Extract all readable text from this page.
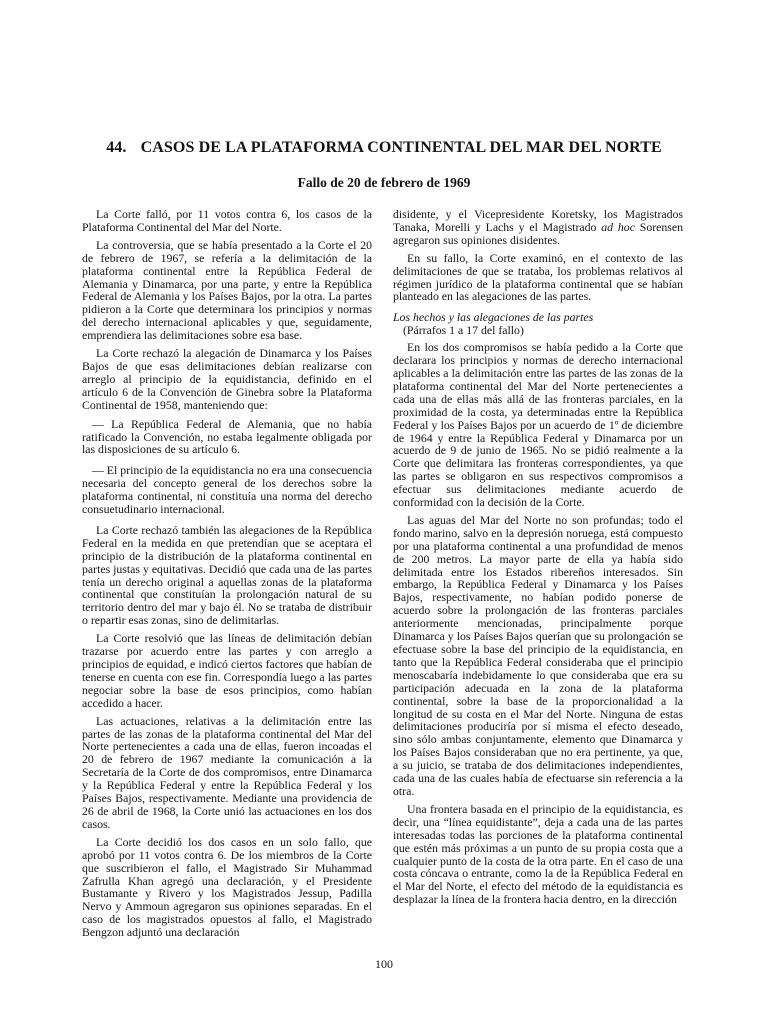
44. CASOS DE LA PLATAFORMA CONTINENTAL DEL MAR DEL NORTE
Fallo de 20 de febrero de 1969

La Corte falló, por 11 votos contra 6, los casos de la Plataforma Continental del Mar del Norte.

La controversia, que se había presentado a la Corte el 20 de febrero de 1967, se refería a la delimitación de la plataforma continental entre la República Federal de Alemania y Dinamarca, por una parte, y entre la República Federal de Alemania y los Países Bajos, por la otra. La partes pidieron a la Corte que determinara los principios y normas del derecho internacional aplicables y que, seguidamente, emprendiera las delimitaciones sobre esa base.

La Corte rechazó la alegación de Dinamarca y los Países Bajos de que esas delimitaciones debían realizarse con arreglo al principio de la equidistancia, definido en el artículo 6 de la Convención de Ginebra sobre la Plataforma Continental de 1958, manteniendo que:

— La República Federal de Alemania, que no había ratificado la Convención, no estaba legalmente obligada por las disposiciones de su artículo 6.

— El principio de la equidistancia no era una consecuencia necesaria del concepto general de los derechos sobre la plataforma continental, ni constituía una norma del derecho consuetudinario internacional.

La Corte rechazó también las alegaciones de la República Federal en la medida en que pretendían que se aceptara el principio de la distribución de la plataforma continental en partes justas y equitativas. Decidió que cada una de las partes tenía un derecho original a aquellas zonas de la plataforma continental que constituían la prolongación natural de su territorio dentro del mar y bajo él. No se trataba de distribuir o repartir esas zonas, sino de delimitarlas.

La Corte resolvió que las líneas de delimitación debían trazarse por acuerdo entre las partes y con arreglo a principios de equidad, e indicó ciertos factores que habían de tenerse en cuenta con ese fin. Correspondía luego a las partes negociar sobre la base de esos principios, como habían accedido a hacer.

Las actuaciones, relativas a la delimitación entre las partes de las zonas de la plataforma continental del Mar del Norte pertenecientes a cada una de ellas, fueron incoadas el 20 de febrero de 1967 mediante la comunicación a la Secretaría de la Corte de dos compromisos, entre Dinamarca y la República Federal y entre la República Federal y los Países Bajos, respectivamente. Mediante una providencia de 26 de abril de 1968, la Corte unió las actuaciones en los dos casos.

La Corte decidió los dos casos en un solo fallo, que aprobó por 11 votos contra 6. De los miembros de la Corte que suscribieron el fallo, el Magistrado Sir Muhammad Zafrulla Khan agregó una declaración, y el Presidente Bustamante y Rivero y los Magistrados Jessup, Padilla Nervo y Ammoun agregaron sus opiniones separadas. En el caso de los magistrados opuestos al fallo, el Magistrado Bengzon adjuntó una declaración

disidente, y el Vicepresidente Koretsky, los Magistrados Tanaka, Morelli y Lachs y el Magistrado ad hoc Sorensen agregaron sus opiniones disidentes.

En su fallo, la Corte examinó, en el contexto de las delimitaciones de que se trataba, los problemas relativos al régimen jurídico de la plataforma continental que se habían planteado en las alegaciones de las partes.

Los hechos y las alegaciones de las partes
(Párrafos 1 a 17 del fallo)

En los dos compromisos se había pedido a la Corte que declarara los principios y normas de derecho internacional aplicables a la delimitación entre las partes de las zonas de la plataforma continental del Mar del Norte pertenecientes a cada una de ellas más allá de las fronteras parciales, en la proximidad de la costa, ya determinadas entre la República Federal y los Países Bajos por un acuerdo de 1º de diciembre de 1964 y entre la República Federal y Dinamarca por un acuerdo de 9 de junio de 1965. No se pidió realmente a la Corte que delimitara las fronteras correspondientes, ya que las partes se obligaron en sus respectivos compromisos a efectuar sus delimitaciones mediante acuerdo de conformidad con la decisión de la Corte.

Las aguas del Mar del Norte no son profundas; todo el fondo marino, salvo en la depresión noruega, está compuesto por una plataforma continental a una profundidad de menos de 200 metros. La mayor parte de ella ya había sido delimitada entre los Estados ribereños interesados. Sin embargo, la República Federal y Dinamarca y los Países Bajos, respectivamente, no habían podido ponerse de acuerdo sobre la prolongación de las fronteras parciales anteriormente mencionadas, principalmente porque Dinamarca y los Países Bajos querían que su prolongación se efectuase sobre la base del principio de la equidistancia, en tanto que la República Federal consideraba que el principio menoscabaría indebidamente lo que consideraba que era su participación adecuada en la zona de la plataforma continental, sobre la base de la proporcionalidad a la longitud de su costa en el Mar del Norte. Ninguna de estas delimitaciones produciría por sí misma el efecto deseado, sino sólo ambas conjuntamente, elemento que Dinamarca y los Países Bajos consideraban que no era pertinente, ya que, a su juicio, se trataba de dos delimitaciones independientes, cada una de las cuales había de efectuarse sin referencia a la otra.

Una frontera basada en el principio de la equidistancia, es decir, una “línea equidistante”, deja a cada una de las partes interesadas todas las porciones de la plataforma continental que estén más próximas a un punto de su propia costa que a cualquier punto de la costa de la otra parte. En el caso de una costa cóncava o entrante, como la de la República Federal en el Mar del Norte, el efecto del método de la equidistancia es desplazar la línea de la frontera hacia dentro, en la dirección

100
